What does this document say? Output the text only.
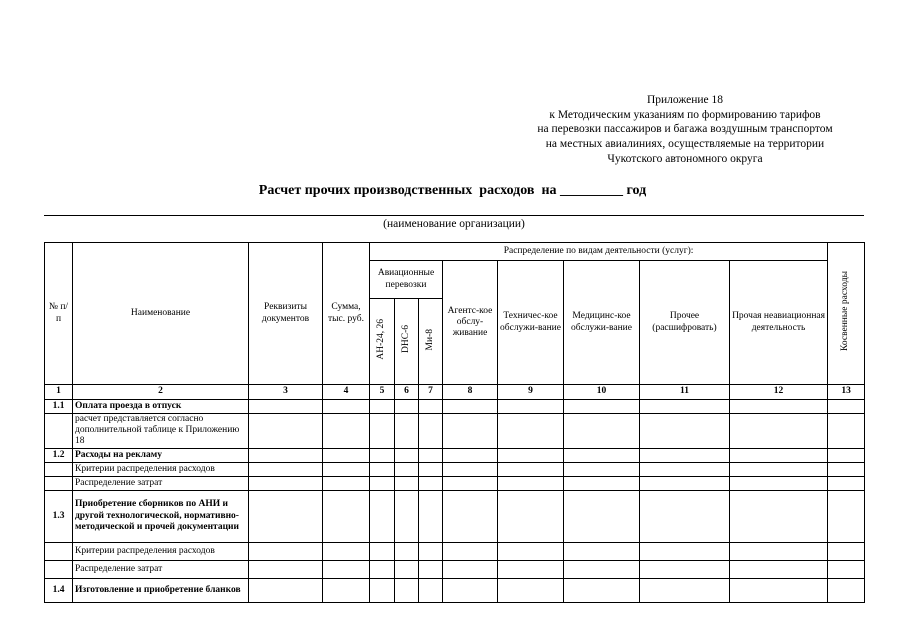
Приложение 18
к Методическим указаниям по формированию тарифов
на перевозки пассажиров и багажа воздушным транспортом
на местных авиалиниях, осуществляемые на территории
Чукотского автономного округа
Расчет прочих производственных  расходов  на _________ год
(наименование организации)
№ п/п	Наименование	Реквизиты документов	Сумма, тыс. руб.	Распределение по видам деятельности (услуг):								Косвенные расходы
				Авиационные перевозки			Агентс-кое обслу-живание	Техничес-кое обслужи-вание	Медицинс-кое обслужи-вание	Прочее (расшифровать)	Прочая неавиационная деятельность	
				АН-24, 26	DHC-6	Ми-8						
1	2	3	4	5	6	7	8	9	10	11	12	13
1.1	Оплата проезда в отпуск											
	расчет представляется согласно дополнительной таблице к Приложению 18											
1.2	Расходы на рекламу											
	Критерии распределения расходов											
	Распределение затрат											
1.3	Приобретение сборников по АНИ и другой технологической, нормативно-методической и прочей документации											
	Критерии распределения расходов											
	Распределение затрат											
1.4	Изготовление и приобретение бланков											
